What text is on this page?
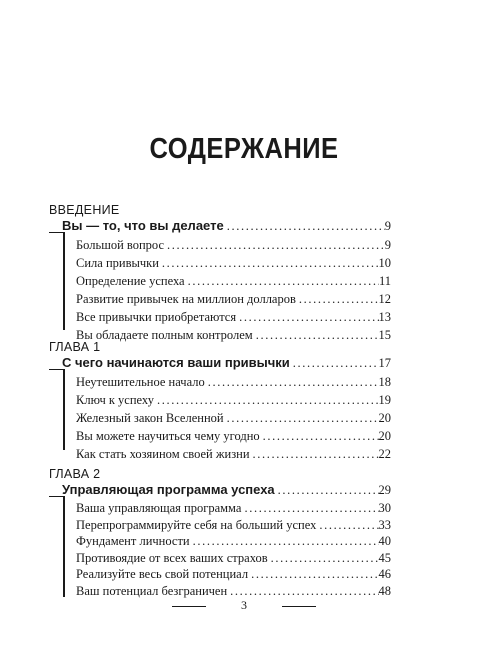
СОДЕРЖАНИЕ
ВВЕДЕНИЕ
Вы — то, что вы делаете . . .	9
Большой вопрос . . .	9
Сила привычки . . .	10
Определение успеха . . .	11
Развитие привычек на миллион долларов . . .	12
Все привычки приобретаются . . .	13
Вы обладаете полным контролем . . .	15
ГЛАВА 1
С чего начинаются ваши привычки . . .	17
Неутешительное начало . . .	18
Ключ к успеху . . .	19
Железный закон Вселенной . . .	20
Вы можете научиться чему угодно . . .	20
Как стать хозяином своей жизни . . .	22
ГЛАВА 2
Управляющая программа успеха . . .	29
Ваша управляющая программа . . .	30
Перепрограммируйте себя на больший успех . . .	33
Фундамент личности . . .	40
Противоядие от всех ваших страхов . . .	45
Реализуйте весь свой потенциал . . .	46
3
Ваш потенциал безграничен . . .	48
